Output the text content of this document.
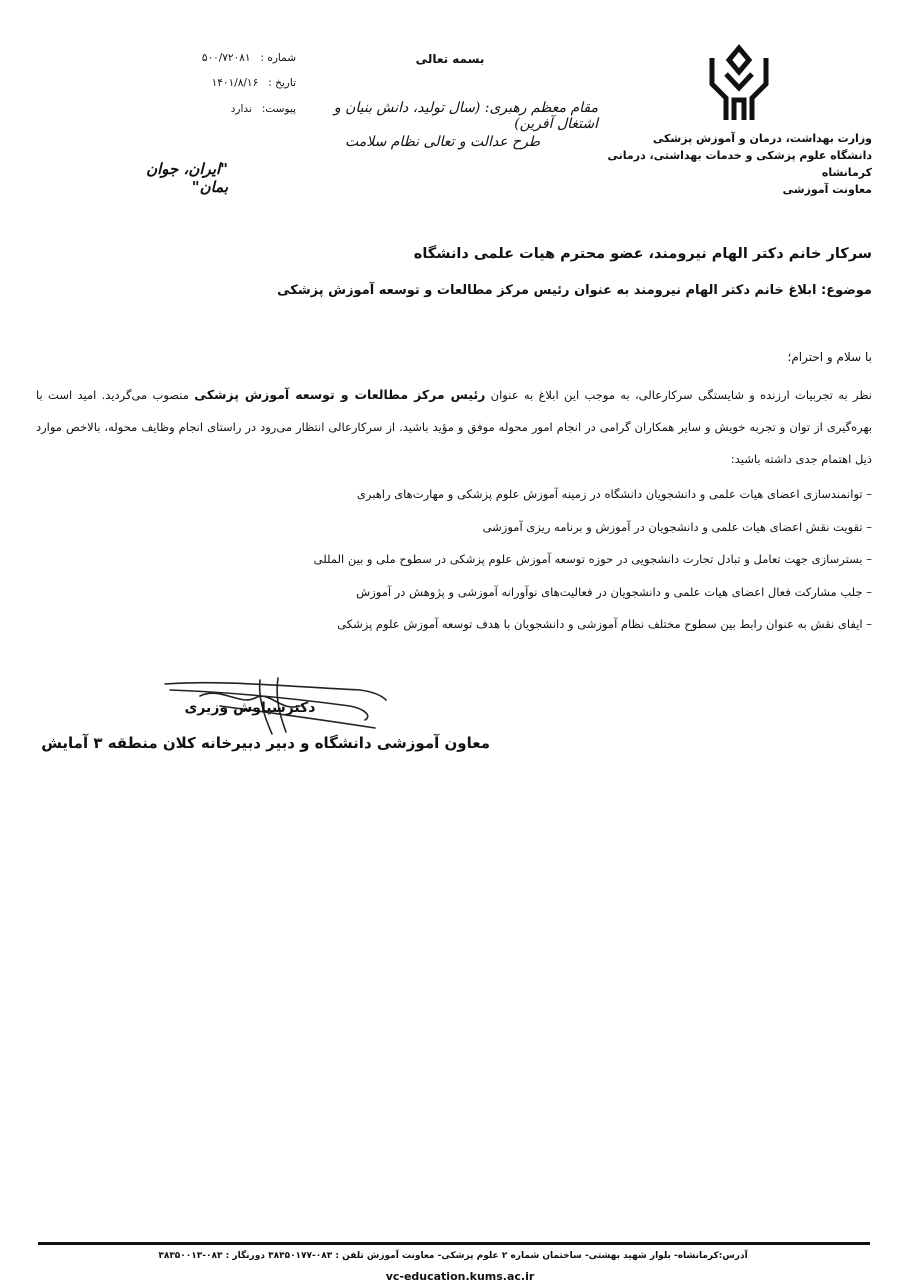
وزارت بهداشت، درمان و آموزش پزشکی
دانشگاه علوم پزشکی و خدمات بهداشتی، درمانی کرمانشاه
معاونت آموزشی
بسمه تعالی
مقام معظم رهبری: (سال تولید، دانش بنیان و اشتغال آفرین)
طرح عدالت و تعالی نظام سلامت
"ایران، جوان بمان"
شماره :۵۰۰/۷۲۰۸۱
تاریخ :۱۴۰۱/۸/۱۶
پیوست:ندارد
سرکار خانم دکتر الهام نیرومند، عضو محترم هیات علمی دانشگاه
موضوع: ابلاغ خانم دکتر الهام نیرومند به عنوان رئیس مرکز مطالعات و توسعه آموزش پزشکی
با سلام و احترام؛
نظر به تجربیات ارزنده و شایستگی سرکارعالی، به موجب این ابلاغ به عنوان رئیس مرکز مطالعات و توسعه آموزش پزشکی منصوب می‌گردید. امید است با بهره‌گیری از توان و تجربه خویش و سایر همکاران گرامی در انجام امور محوله موفق و مؤید باشید. از سرکارعالی انتظار می‌رود در راستای انجام وظایف محوله، بالاخص موارد ذیل اهتمام جدی داشته باشید:
– توانمندسازی اعضای هیات علمی و دانشجویان دانشگاه در زمینه آموزش علوم پزشکی و مهارت‌های راهبری
– تقویت نقش اعضای هیات علمی و دانشجویان در آموزش و برنامه ریزی آموزشی
– بسترسازی جهت تعامل و تبادل تجارت دانشجویی در حوزه توسعه آموزش علوم پزشکی در سطوح ملی و بین المللی
– جلب مشارکت فعال اعضای هیات علمی و دانشجویان در فعالیت‌های نوآورانه آموزشی و پژوهش در آموزش
– ایفای نقش به عنوان رابط بین سطوح مختلف نظام آموزشی و دانشجویان با هدف توسعه آموزش علوم پزشکی
دکترسیاوش وزیری
معاون آموزشی دانشگاه و دبیر دبیرخانه کلان منطقه ۳ آمایش
آدرس:کرمانشاه- بلوار شهید بهشتی- ساختمان شماره ۲ علوم پزشکی- معاونت آموزش تلفن : ۰۸۳-۳۸۳۵۰۱۷۷ دورنگار : ۰۸۳-۳۸۳۵۰۰۱۳
vc-education.kums.ac.ir
